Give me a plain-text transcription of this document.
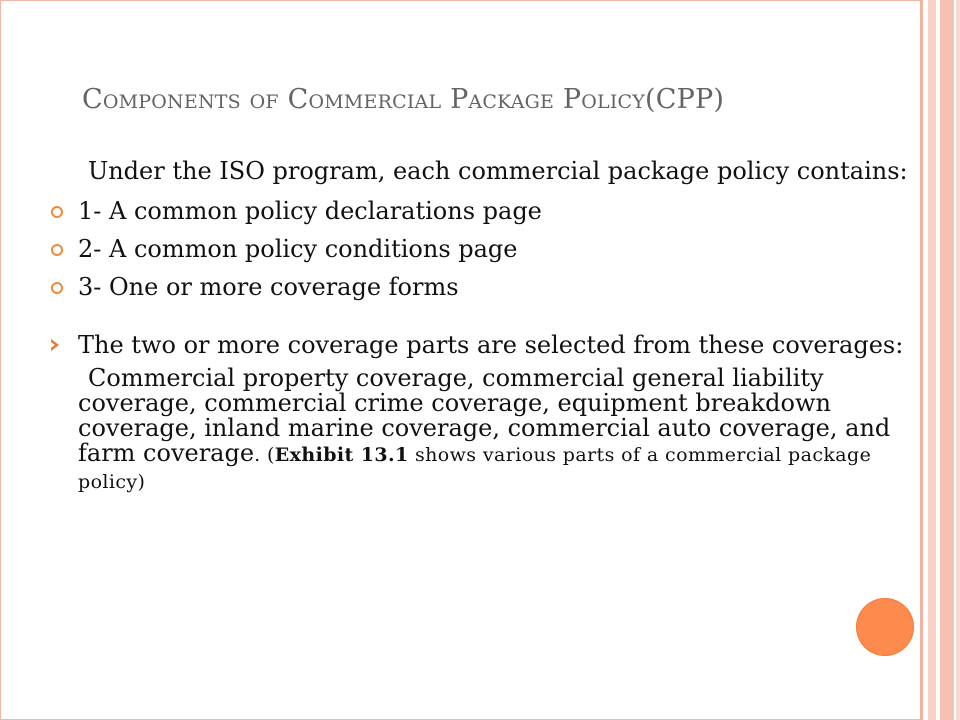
Components of Commercial Package Policy(CPP)

Under the ISO program, each commercial package policy contains:

1- A common policy declarations page
2- A common policy conditions page
3- One or more coverage forms
The two or more coverage parts are selected from these coverages:

Commercial property coverage, commercial general liability coverage, commercial crime coverage, equipment breakdown coverage, inland marine coverage, commercial auto coverage, and farm coverage. (Exhibit 13.1 shows various parts of a commercial package policy)
